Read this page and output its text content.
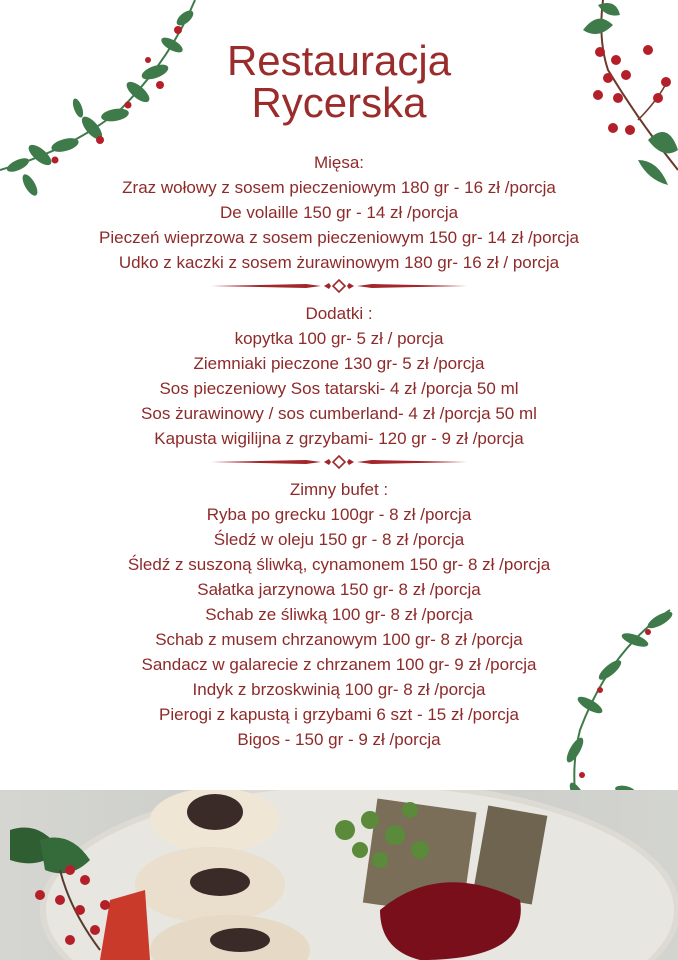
Restauracja
Rycerska
Mięsa:
Zraz wołowy z sosem pieczeniowym 180 gr - 16 zł /porcja
De volaille 150 gr - 14 zł /porcja
Pieczeń wieprzowa z sosem pieczeniowym 150 gr- 14 zł /porcja
Udko z kaczki z sosem żurawinowym 180 gr- 16 zł / porcja
Dodatki :
kopytka 100 gr- 5 zł / porcja
Ziemniaki pieczone 130 gr- 5 zł /porcja
Sos pieczeniowy Sos tatarski- 4 zł /porcja 50 ml
Sos żurawinowy / sos cumberland- 4 zł /porcja 50 ml
Kapusta wigilijna z grzybami- 120 gr - 9 zł /porcja
Zimny bufet :
Ryba po grecku 100gr - 8 zł /porcja
Śledź w oleju 150 gr - 8 zł /porcja
Śledź z suszoną śliwką, cynamonem 150 gr- 8 zł /porcja
Sałatka jarzynowa 150 gr- 8 zł /porcja
Schab ze śliwką 100 gr- 8 zł /porcja
Schab z musem chrzanowym 100 gr- 8 zł /porcja
Sandacz w galarecie z chrzanem 100 gr- 9 zł /porcja
Indyk z brzoskwinią 100 gr- 8 zł /porcja
Pierogi z kapustą i grzybami 6 szt - 15 zł /porcja
Bigos - 150 gr - 9 zł /porcja
